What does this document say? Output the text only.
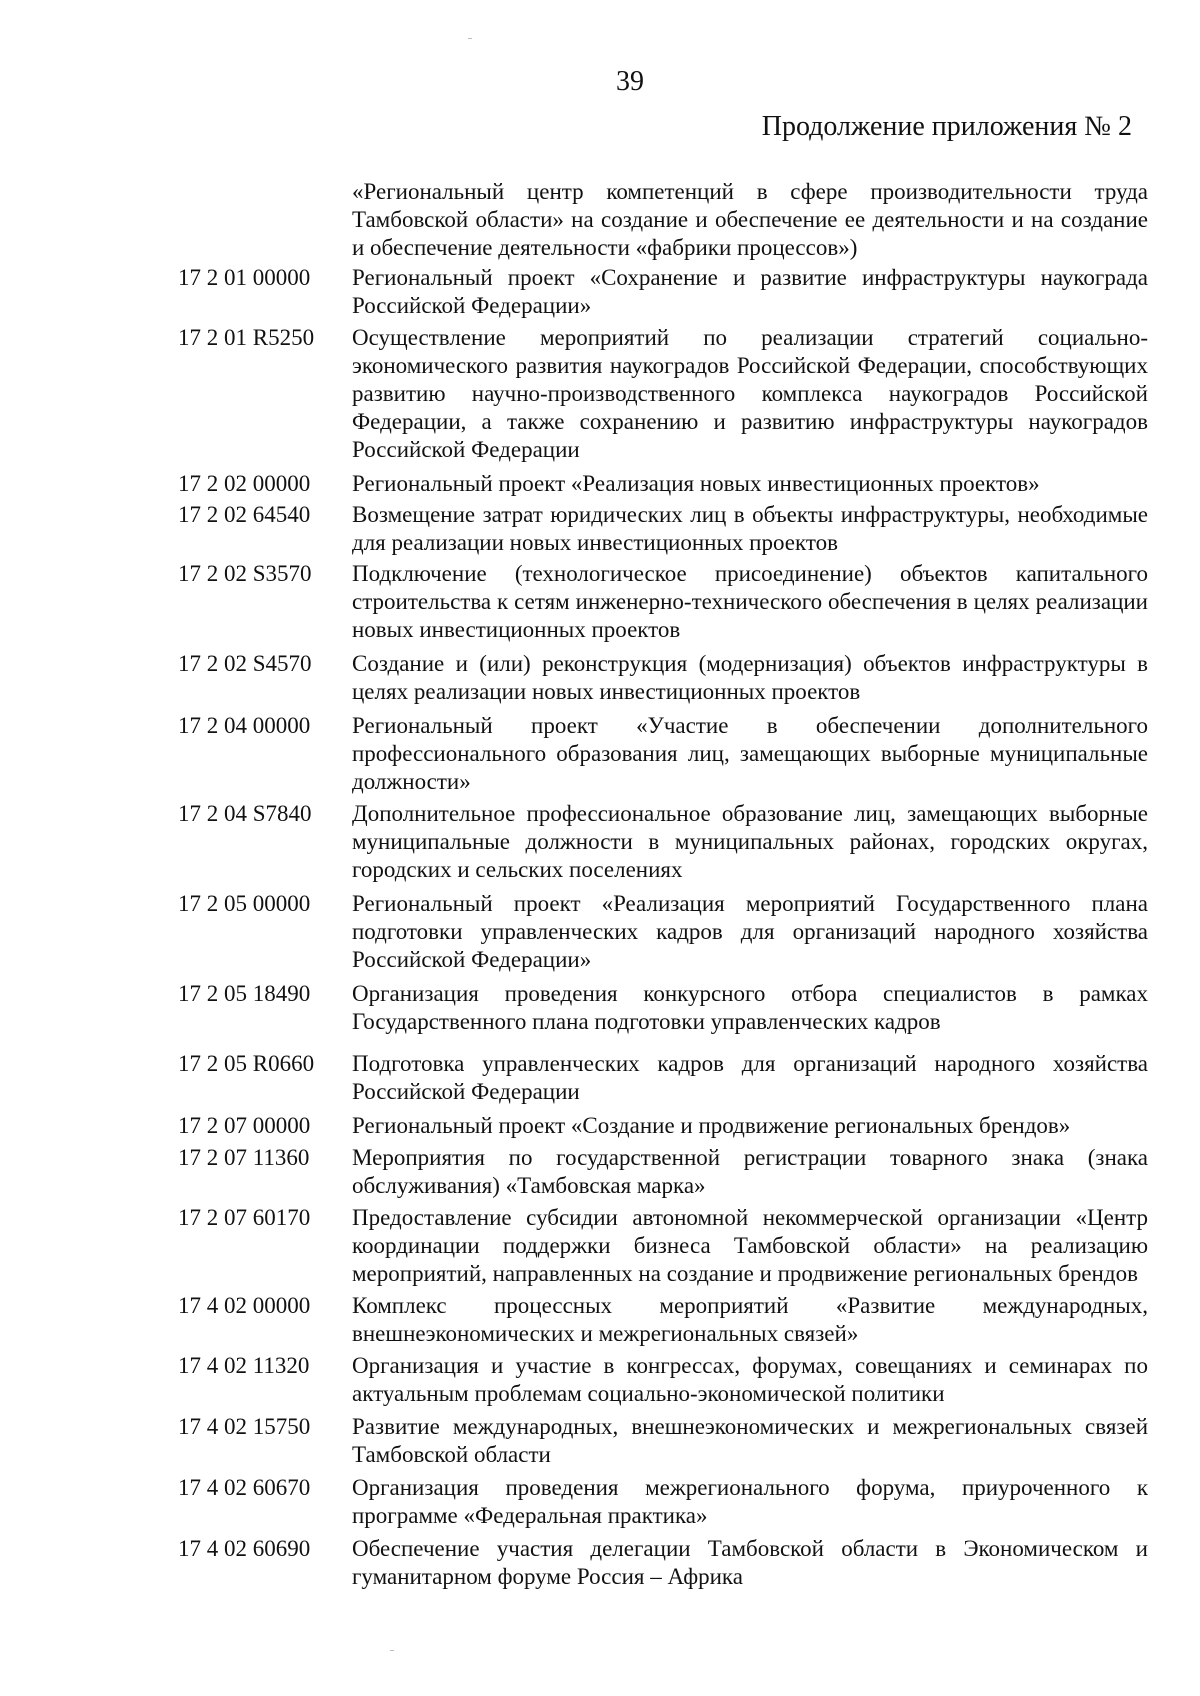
39
Продолжение приложения № 2
«Региональный центр компетенций в сфере производительности труда Тамбовской области» на создание и обеспечение ее деятельности и на создание и обеспечение деятельности «фабрики процессов»)
17 2 01 00000 Региональный проект «Сохранение и развитие инфраструктуры наукограда Российской Федерации»
17 2 01 R5250 Осуществление мероприятий по реализации стратегий социально-экономического развития наукоградов Российской Федерации, способствующих развитию научно-производственного комплекса наукоградов Российской Федерации, а также сохранению и развитию инфраструктуры наукоградов Российской Федерации
17 2 02 00000 Региональный проект «Реализация новых инвестиционных проектов»
17 2 02 64540 Возмещение затрат юридических лиц в объекты инфраструктуры, необходимые для реализации новых инвестиционных проектов
17 2 02 S3570 Подключение (технологическое присоединение) объектов капитального строительства к сетям инженерно-технического обеспечения в целях реализации новых инвестиционных проектов
17 2 02 S4570 Создание и (или) реконструкция (модернизация) объектов инфраструктуры в целях реализации новых инвестиционных проектов
17 2 04 00000 Региональный проект «Участие в обеспечении дополнительного профессионального образования лиц, замещающих выборные муниципальные должности»
17 2 04 S7840 Дополнительное профессиональное образование лиц, замещающих выборные муниципальные должности в муниципальных районах, городских округах, городских и сельских поселениях
17 2 05 00000 Региональный проект «Реализация мероприятий Государственного плана подготовки управленческих кадров для организаций народного хозяйства Российской Федерации»
17 2 05 18490 Организация проведения конкурсного отбора специалистов в рамках Государственного плана подготовки управленческих кадров
17 2 05 R0660 Подготовка управленческих кадров для организаций народного хозяйства Российской Федерации
17 2 07 00000 Региональный проект «Создание и продвижение региональных брендов»
17 2 07 11360 Мероприятия по государственной регистрации товарного знака (знака обслуживания) «Тамбовская марка»
17 2 07 60170 Предоставление субсидии автономной некоммерческой организации «Центр координации поддержки бизнеса Тамбовской области» на реализацию мероприятий, направленных на создание и продвижение региональных брендов
17 4 02 00000 Комплекс процессных мероприятий «Развитие международных, внешнеэкономических и межрегиональных связей»
17 4 02 11320 Организация и участие в конгрессах, форумах, совещаниях и семинарах по актуальным проблемам социально-экономической политики
17 4 02 15750 Развитие международных, внешнеэкономических и межрегиональных связей Тамбовской области
17 4 02 60670 Организация проведения межрегионального форума, приуроченного к программе «Федеральная практика»
17 4 02 60690 Обеспечение участия делегации Тамбовской области в Экономическом и гуманитарном форуме Россия – Африка
